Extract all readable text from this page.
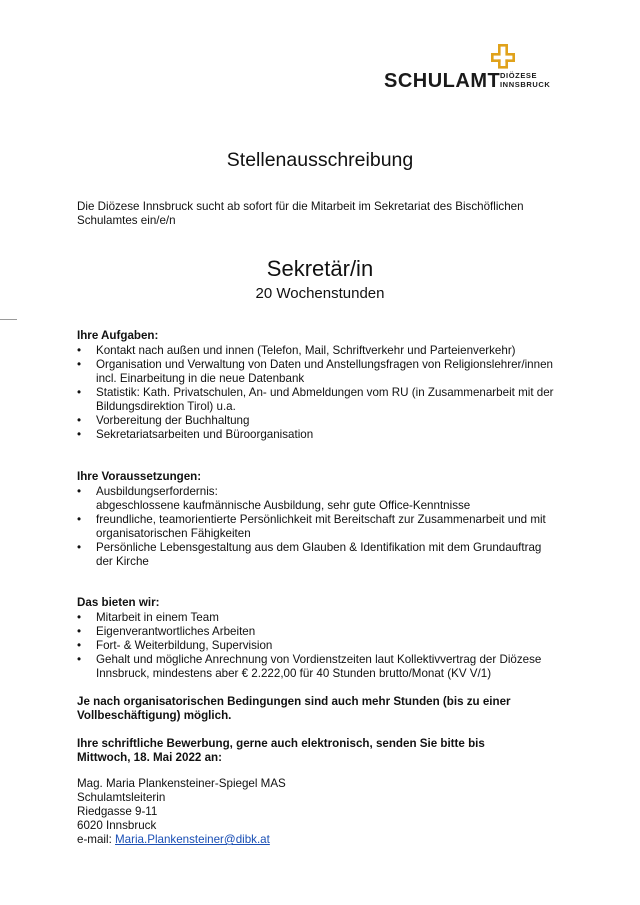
SCHULAMT DIÖZESE
INNSBRUCK
Stellenausschreibung
Die Diözese Innsbruck sucht ab sofort für die Mitarbeit im Sekretariat des Bischöflichen
Schulamtes ein/e/n
Sekretär/in
20 Wochenstunden
Ihre Aufgaben:
• Kontakt nach außen und innen (Telefon, Mail, Schriftverkehr und Parteienverkehr)
• Organisation und Verwaltung von Daten und Anstellungsfragen von Religionslehrer/innen
incl. Einarbeitung in die neue Datenbank
• Statistik: Kath. Privatschulen, An- und Abmeldungen vom RU (in Zusammenarbeit mit der
Bildungsdirektion Tirol) u.a.
• Vorbereitung der Buchhaltung
• Sekretariatsarbeiten und Büroorganisation
Ihre Voraussetzungen:
• Ausbildungserfordernis:
abgeschlossene kaufmännische Ausbildung, sehr gute Office-Kenntnisse
• freundliche, teamorientierte Persönlichkeit mit Bereitschaft zur Zusammenarbeit und mit
organisatorischen Fähigkeiten
• Persönliche Lebensgestaltung aus dem Glauben & Identifikation mit dem Grundauftrag
der Kirche
Das bieten wir:
• Mitarbeit in einem Team
• Eigenverantwortliches Arbeiten
• Fort- & Weiterbildung, Supervision
• Gehalt und mögliche Anrechnung von Vordienstzeiten laut Kollektivvertrag der Diözese
Innsbruck, mindestens aber € 2.222,00 für 40 Stunden brutto/Monat (KV V/1)
Je nach organisatorischen Bedingungen sind auch mehr Stunden (bis zu einer
Vollbeschäftigung) möglich.
Ihre schriftliche Bewerbung, gerne auch elektronisch, senden Sie bitte bis
Mittwoch, 18. Mai 2022 an:
Mag. Maria Plankensteiner-Spiegel MAS
Schulamtsleiterin
Riedgasse 9-11
6020 Innsbruck
e-mail: Maria.Plankensteiner@dibk.at
